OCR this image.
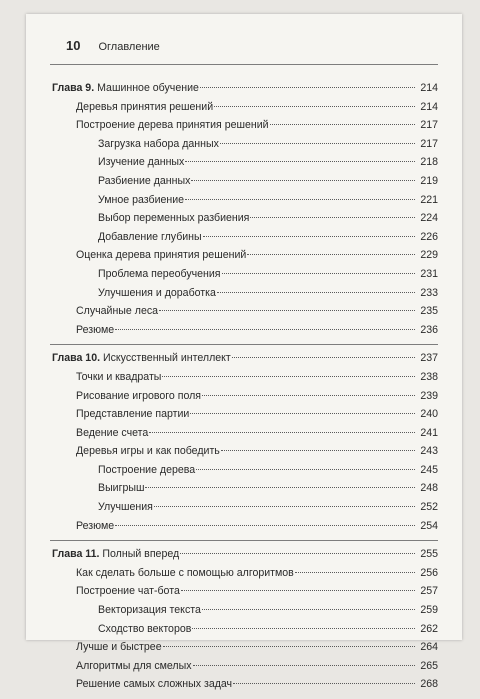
10 Оглавление
Глава 9. Машинное обучение	214
Деревья принятия решений	214
Построение дерева принятия решений	217
Загрузка набора данных	217
Изучение данных	218
Разбиение данных	219
Умное разбиение	221
Выбор переменных разбиения	224
Добавление глубины	226
Оценка дерева принятия решений	229
Проблема переобучения	231
Улучшения и доработка	233
Случайные леса	235
Резюме	236
Глава 10. Искусственный интеллект	237
Точки и квадраты	238
Рисование игрового поля	239
Представление партии	240
Ведение счета	241
Деревья игры и как победить	243
Построение дерева	245
Выигрыш	248
Улучшения	252
Резюме	254
Глава 11. Полный вперед	255
Как сделать больше с помощью алгоритмов	256
Построение чат-бота	257
Векторизация текста	259
Сходство векторов	262
Лучше и быстрее	264
Алгоритмы для смелых	265
Решение самых сложных задач	268
